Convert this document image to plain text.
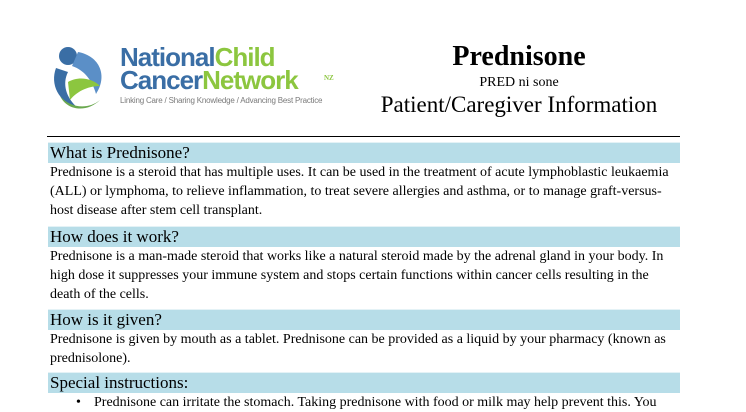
NationalChild
CancerNetwork
Linking Care / Sharing Knowledge / Advancing Best Practice
NZ
Prednisone
PRED ni sone
Patient/Caregiver Information
What is Prednisone?
Prednisone is a steroid that has multiple uses. It can be used in the treatment of acute lymphoblastic leukaemia (ALL) or lymphoma, to relieve inflammation, to treat severe allergies and asthma, or to manage graft-versus-host disease after stem cell transplant.
How does it work?
Prednisone is a man-made steroid that works like a natural steroid made by the adrenal gland in your body. In high dose it suppresses your immune system and stops certain functions within cancer cells resulting in the death of the cells.
How is it given?
Prednisone is given by mouth as a tablet. Prednisone can be provided as a liquid by your pharmacy (known as prednisolone).
Special instructions:
• Prednisone can irritate the stomach. Taking prednisone with food or milk may help prevent this. You
